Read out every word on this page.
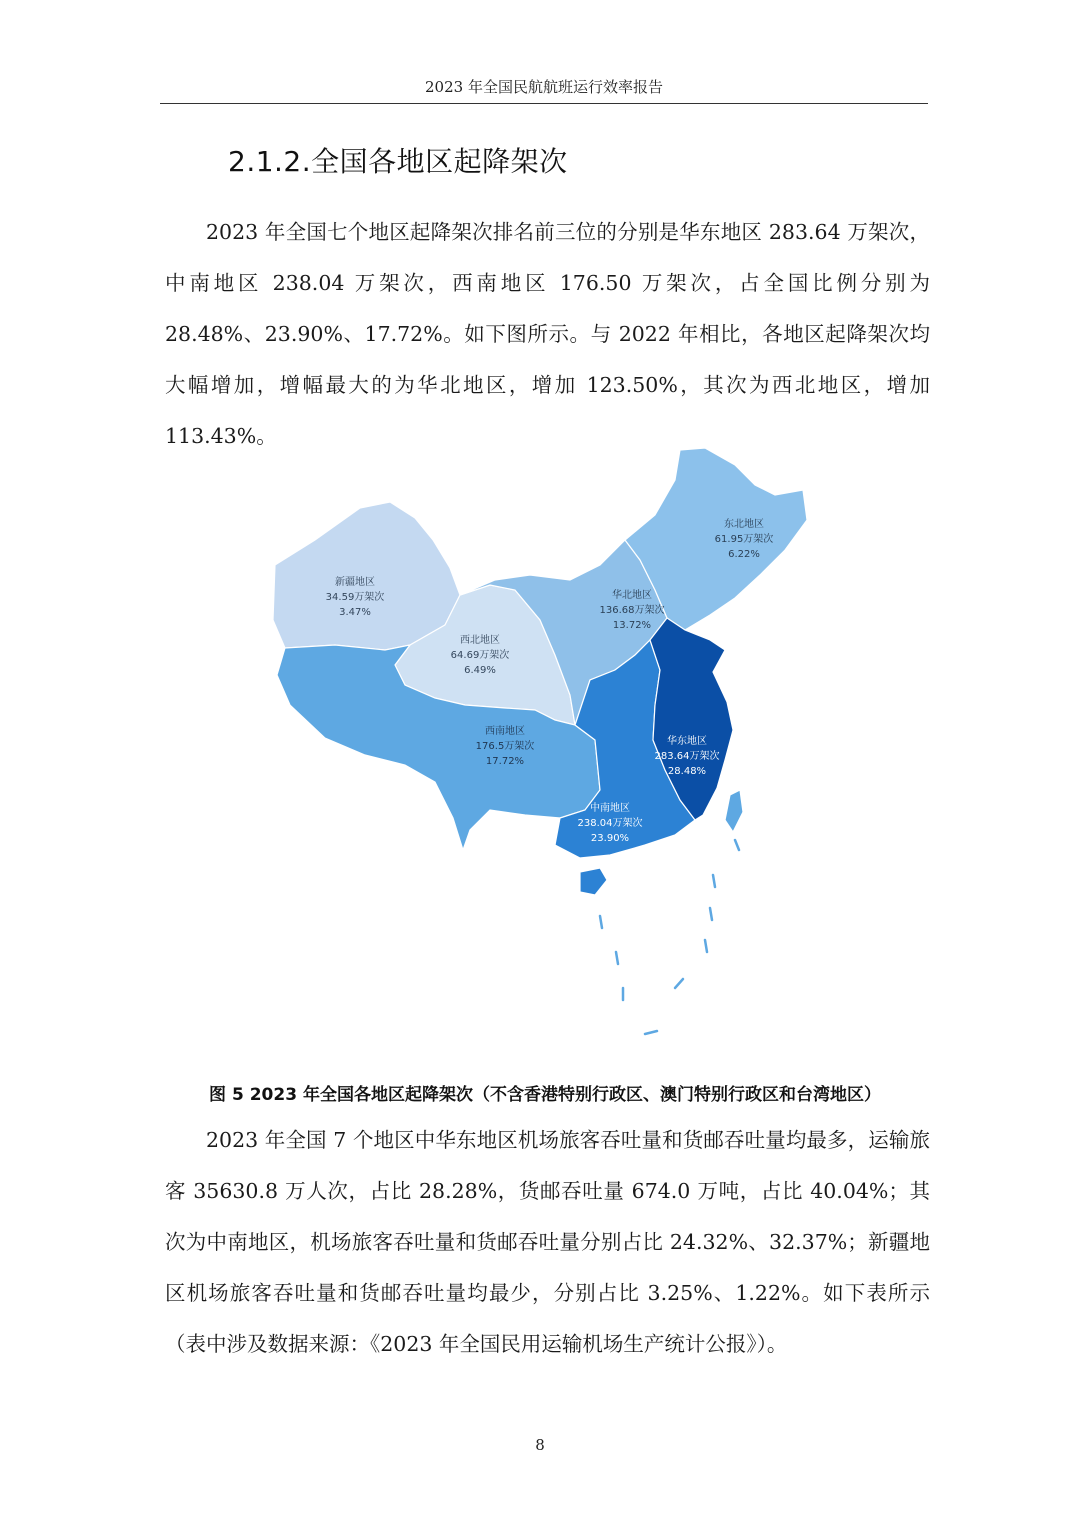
2023 年全国民航航班运行效率报告
2.1.2.全国各地区起降架次

2023 年全国七个地区起降架次排名前三位的分别是华东地区 283.64 万架次，中南地区 238.04 万架次，西南地区 176.50 万架次，占全国比例分别为 28.48%、23.90%、17.72%。如下图所示。与 2022 年相比，各地区起降架次均大幅增加，增幅最大的为华北地区，增加 123.50%，其次为西北地区，增加 113.43%。

新疆地区
34.59万架次
3.47%
西北地区
64.69万架次
6.49%
华北地区
136.68万架次
13.72%
东北地区
61.95万架次
6.22%
西南地区
176.5万架次
17.72%
中南地区
238.04万架次
23.90%
华东地区
283.64万架次
28.48%
图 5 2023 年全国各地区起降架次（不含香港特别行政区、澳门特别行政区和台湾地区）

2023 年全国 7 个地区中华东地区机场旅客吞吐量和货邮吞吐量均最多，运输旅客 35630.8 万人次，占比 28.28%，货邮吞吐量 674.0 万吨，占比 40.04%；其次为中南地区，机场旅客吞吐量和货邮吞吐量分别占比 24.32%、32.37%；新疆地区机场旅客吞吐量和货邮吞吐量均最少，分别占比 3.25%、1.22%。如下表所示（表中涉及数据来源：《2023 年全国民用运输机场生产统计公报》）。

8
